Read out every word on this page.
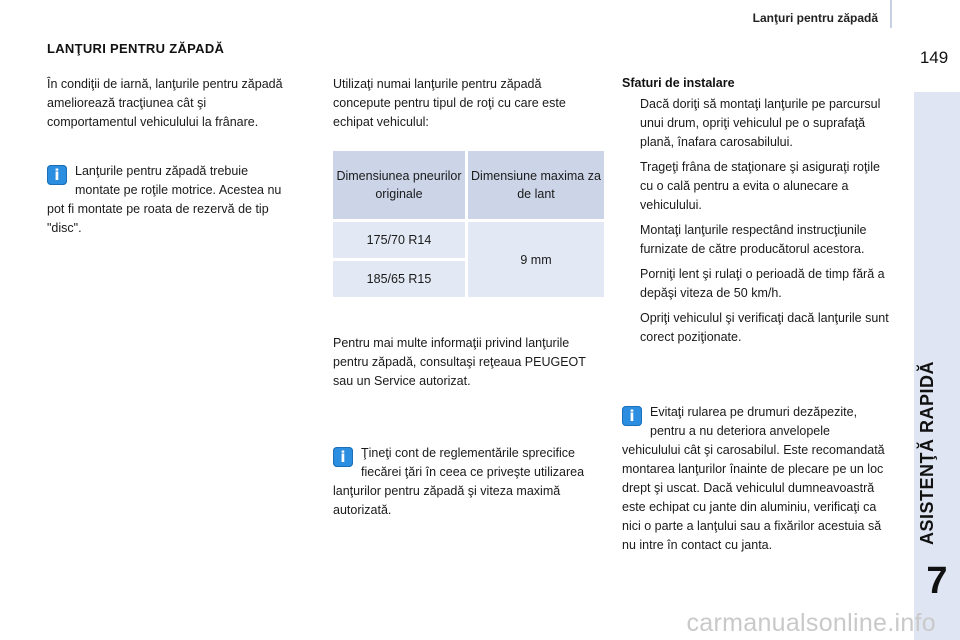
Lanţuri pentru zăpadă
149
ASISTENŢĂ RAPIDĂ
7
LANŢURI PENTRU ZĂPADĂ

În condiţii de iarnă, lanţurile pentru zăpadă ameliorează tracţiunea cât şi comportamentul vehiculului la frânare.

i	Lanţurile pentru zăpadă trebuie montate pe roţile motrice. Acestea nu pot fi montate pe roata de rezervă de tip "disc".

Utilizaţi numai lanţurile pentru zăpadă concepute pentru tipul de roţi cu care este echipat vehiculul:

Dimensiunea pneurilor originale	Dimensiune maxima za de lant
175/70 R14	9 mm
185/65 R15	

Pentru mai multe informaţii privind lanţurile pentru zăpadă, consultaşi reţeaua PEUGEOT sau un Service autorizat.

i	Ţineţi cont de reglementările sprecifice fiecărei ţări în ceea ce priveşte utilizarea lanţurilor pentru zăpadă şi viteza maximă autorizată.
Sfaturi de instalare
Dacă doriţi să montaţi lanţurile pe parcursul unui drum, opriţi vehiculul pe o suprafaţă plană, înafara carosabilului.
Trageţi frâna de staţionare şi asiguraţi roţile cu o cală pentru a evita o alunecare a vehiculului.
Montaţi lanţurile respectând instrucţiunile furnizate de către producătorul acestora.
Porniţi lent şi rulaţi o perioadă de timp fără a depăşi viteza de 50 km/h.
Opriţi vehiculul şi verificaţi dacă lanţurile sunt corect poziţionate.
i	Evitaţi rularea pe drumuri dezăpezite, pentru a nu deteriora anvelopele vehiculului cât şi carosabilul. Este recomandată montarea lanţurilor înainte de plecare pe un loc drept şi uscat. Dacă vehiculul dumneavoastră este echipat cu jante din aluminiu, verificaţi ca nici o parte a lanţului sau a fixărilor acestuia să nu intre în contact cu janta.
carmanualsonline.info
